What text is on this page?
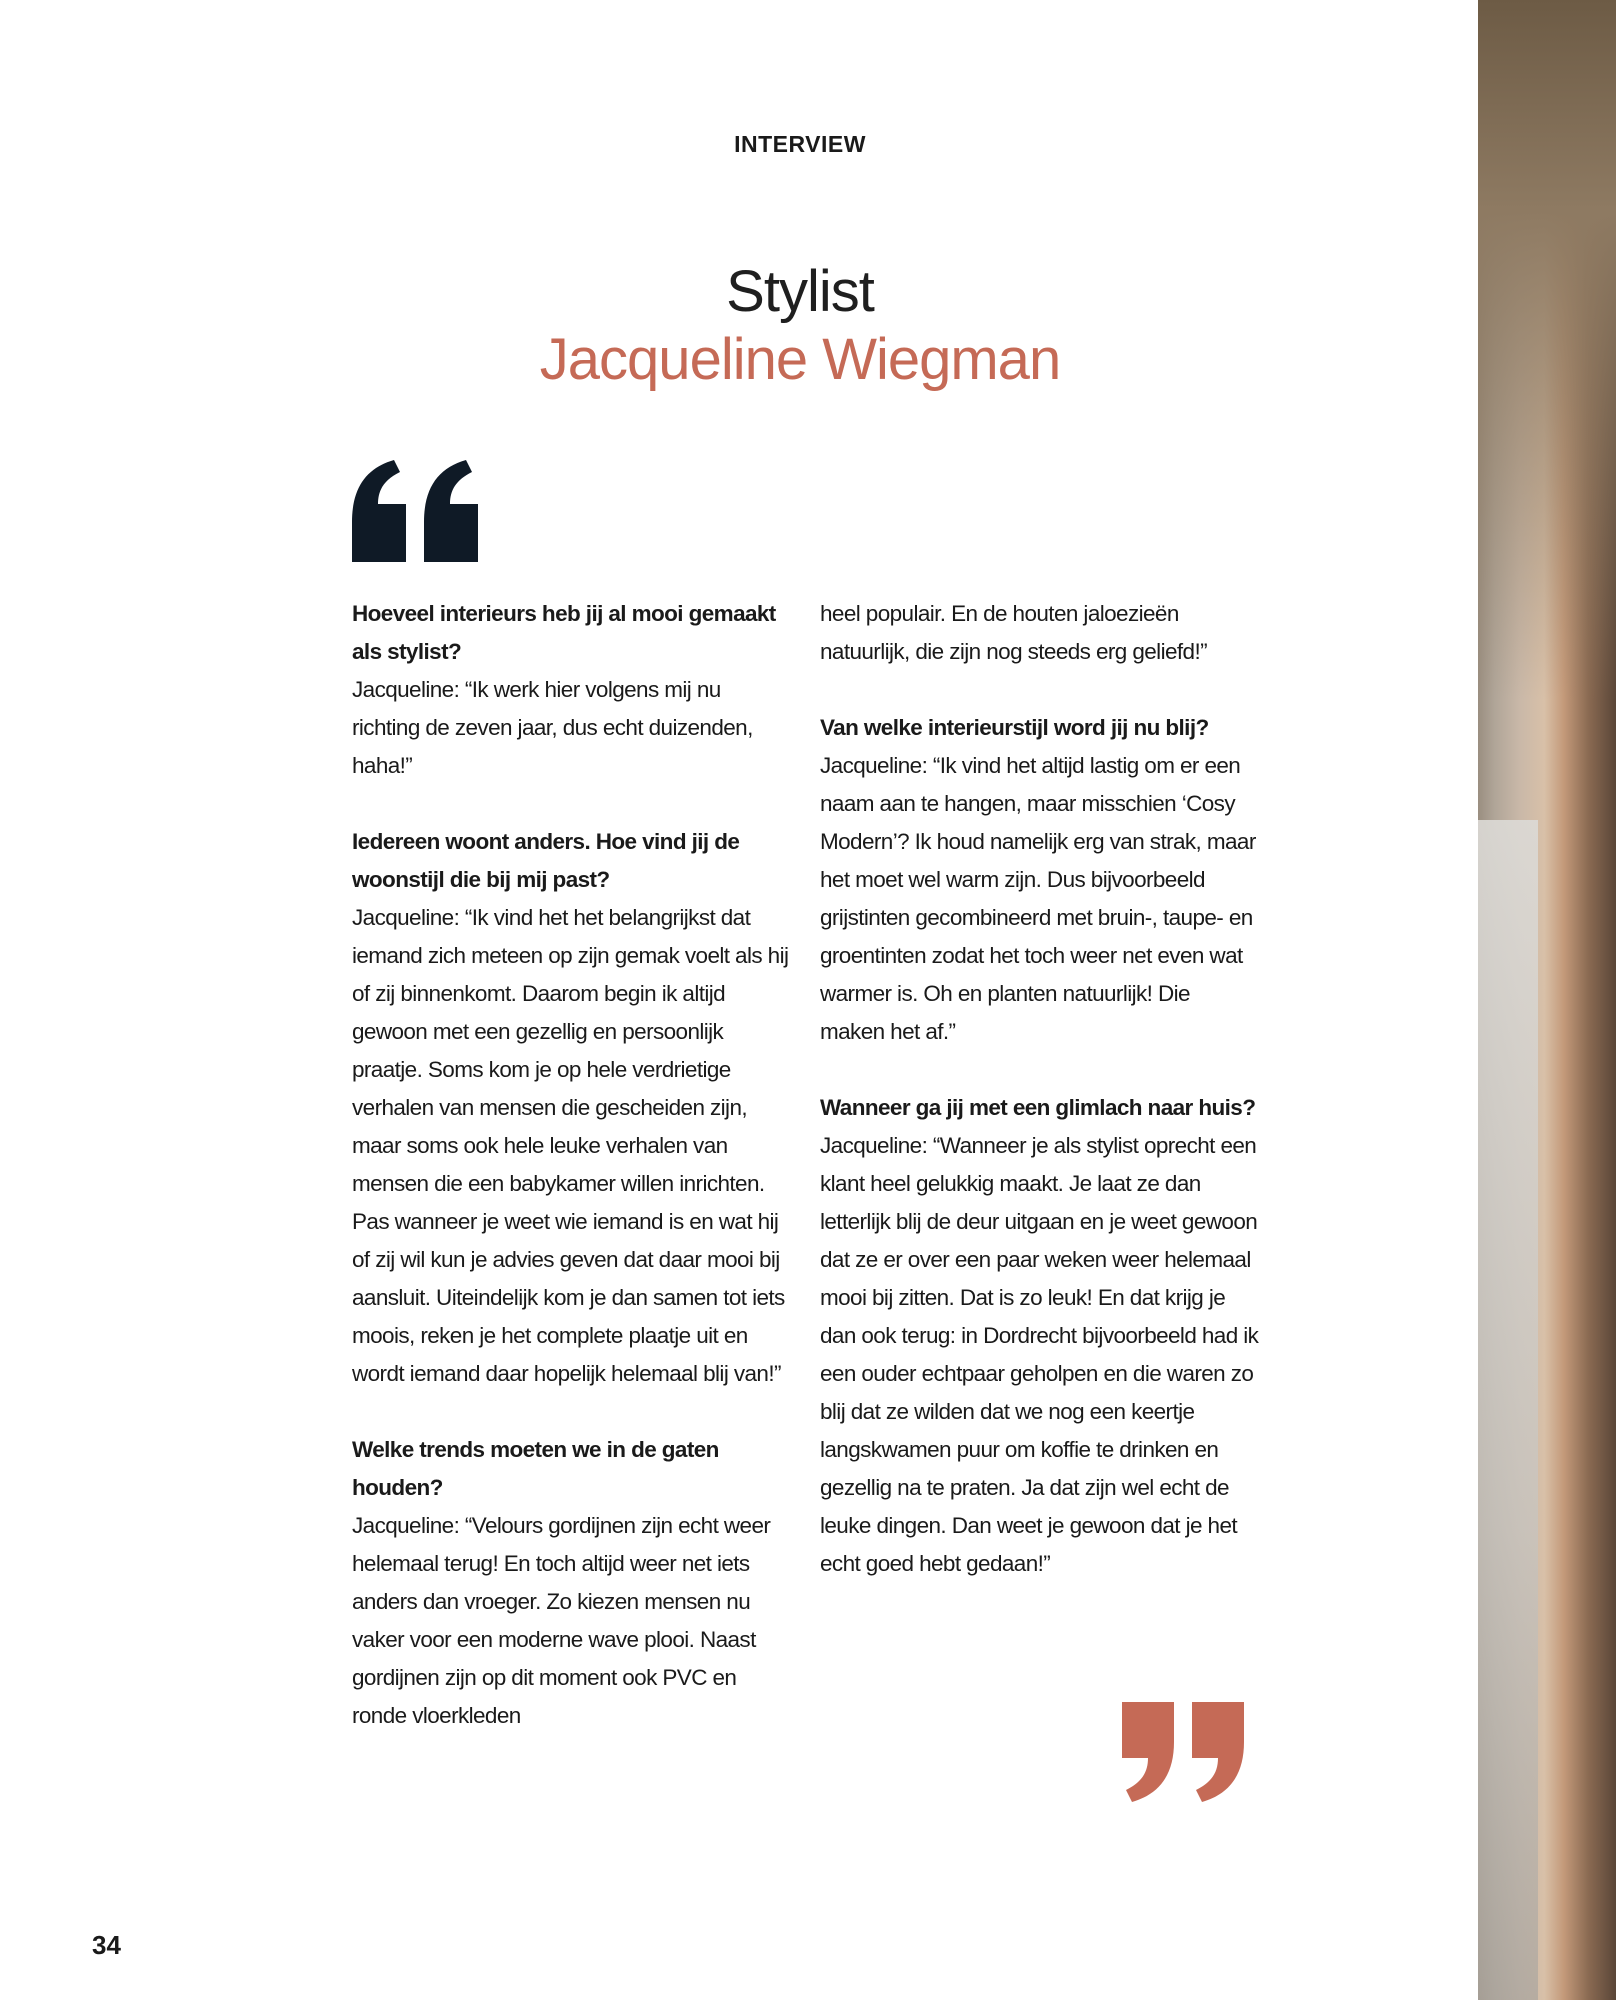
INTERVIEW
Stylist
Jacqueline Wiegman

Hoeveel interieurs heb jij al mooi gemaakt als stylist?
Jacqueline: “Ik werk hier volgens mij nu richting de zeven jaar, dus echt duizenden, haha!”

Iedereen woont anders. Hoe vind jij de woonstijl die bij mij past?
Jacqueline: “Ik vind het het belangrijkst dat iemand zich meteen op zijn gemak voelt als hij of zij binnenkomt. Daarom begin ik altijd gewoon met een gezellig en persoonlijk praatje. Soms kom je op hele verdrietige verhalen van mensen die gescheiden zijn, maar soms ook hele leuke verhalen van mensen die een babykamer willen inrichten. Pas wanneer je weet wie iemand is en wat hij of zij wil kun je advies geven dat daar mooi bij aansluit. Uiteindelijk kom je dan samen tot iets moois, reken je het complete plaatje uit en wordt iemand daar hopelijk helemaal blij van!”

Welke trends moeten we in de gaten houden?
Jacqueline: “Velours gordijnen zijn echt weer helemaal terug! En toch altijd weer net iets anders dan vroeger. Zo kiezen mensen nu vaker voor een moderne wave plooi. Naast gordijnen zijn op dit moment ook PVC en ronde vloerkleden

heel populair. En de houten jaloezieën natuurlijk, die zijn nog steeds erg geliefd!”

Van welke interieurstijl word jij nu blij?
Jacqueline: “Ik vind het altijd lastig om er een naam aan te hangen, maar misschien ‘Cosy Modern’? Ik houd namelijk erg van strak, maar het moet wel warm zijn. Dus bijvoorbeeld grijstinten gecombineerd met bruin-, taupe- en groentinten zodat het toch weer net even wat warmer is. Oh en planten natuurlijk! Die maken het af.”

Wanneer ga jij met een glimlach naar huis?
Jacqueline: “Wanneer je als stylist oprecht een klant heel gelukkig maakt. Je laat ze dan letterlijk blij de deur uitgaan en je weet gewoon dat ze er over een paar weken weer helemaal mooi bij zitten. Dat is zo leuk! En dat krijg je dan ook terug: in Dordrecht bijvoorbeeld had ik een ouder echtpaar geholpen en die waren zo blij dat ze wilden dat we nog een keertje langskwamen puur om koffie te drinken en gezellig na te praten. Ja dat zijn wel echt de leuke dingen. Dan weet je gewoon dat je het echt goed hebt gedaan!”

34
